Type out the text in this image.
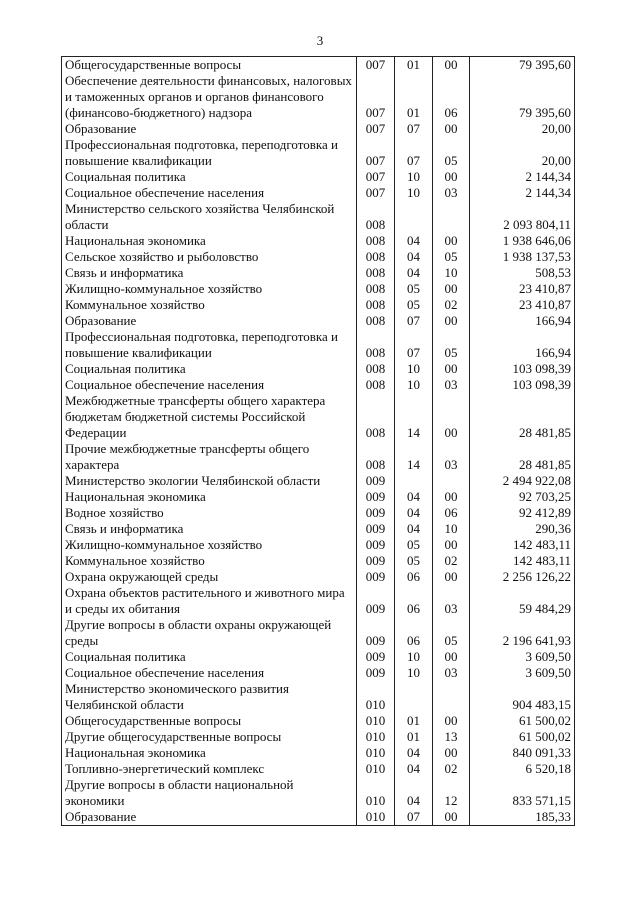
3
Общегосударственные вопросы	007	01	00	79 395,60
Обеспечение деятельности финансовых, налоговых и таможенных органов и органов финансового (финансово-бюджетного) надзора	007	01	06	79 395,60
Образование	007	07	00	20,00
Профессиональная подготовка, переподготовка и повышение квалификации	007	07	05	20,00
Социальная политика	007	10	00	2 144,34
Социальное обеспечение населения	007	10	03	2 144,34
Министерство сельского хозяйства Челябинской области	008			2 093 804,11
Национальная экономика	008	04	00	1 938 646,06
Сельское хозяйство и рыболовство	008	04	05	1 938 137,53
Связь и информатика	008	04	10	508,53
Жилищно-коммунальное хозяйство	008	05	00	23 410,87
Коммунальное хозяйство	008	05	02	23 410,87
Образование	008	07	00	166,94
Профессиональная подготовка, переподготовка и повышение квалификации	008	07	05	166,94
Социальная политика	008	10	00	103 098,39
Социальное обеспечение населения	008	10	03	103 098,39
Межбюджетные трансферты общего характера бюджетам бюджетной системы Российской Федерации	008	14	00	28 481,85
Прочие межбюджетные трансферты общего характера	008	14	03	28 481,85
Министерство экологии Челябинской области	009			2 494 922,08
Национальная экономика	009	04	00	92 703,25
Водное хозяйство	009	04	06	92 412,89
Связь и информатика	009	04	10	290,36
Жилищно-коммунальное хозяйство	009	05	00	142 483,11
Коммунальное хозяйство	009	05	02	142 483,11
Охрана окружающей среды	009	06	00	2 256 126,22
Охрана объектов растительного и животного мира и среды их обитания	009	06	03	59 484,29
Другие вопросы в области охраны окружающей среды	009	06	05	2 196 641,93
Социальная политика	009	10	00	3 609,50
Социальное обеспечение населения	009	10	03	3 609,50
Министерство экономического развития Челябинской области	010			904 483,15
Общегосударственные вопросы	010	01	00	61 500,02
Другие общегосударственные вопросы	010	01	13	61 500,02
Национальная экономика	010	04	00	840 091,33
Топливно-энергетический комплекс	010	04	02	6 520,18
Другие вопросы в области национальной экономики	010	04	12	833 571,15
Образование	010	07	00	185,33
